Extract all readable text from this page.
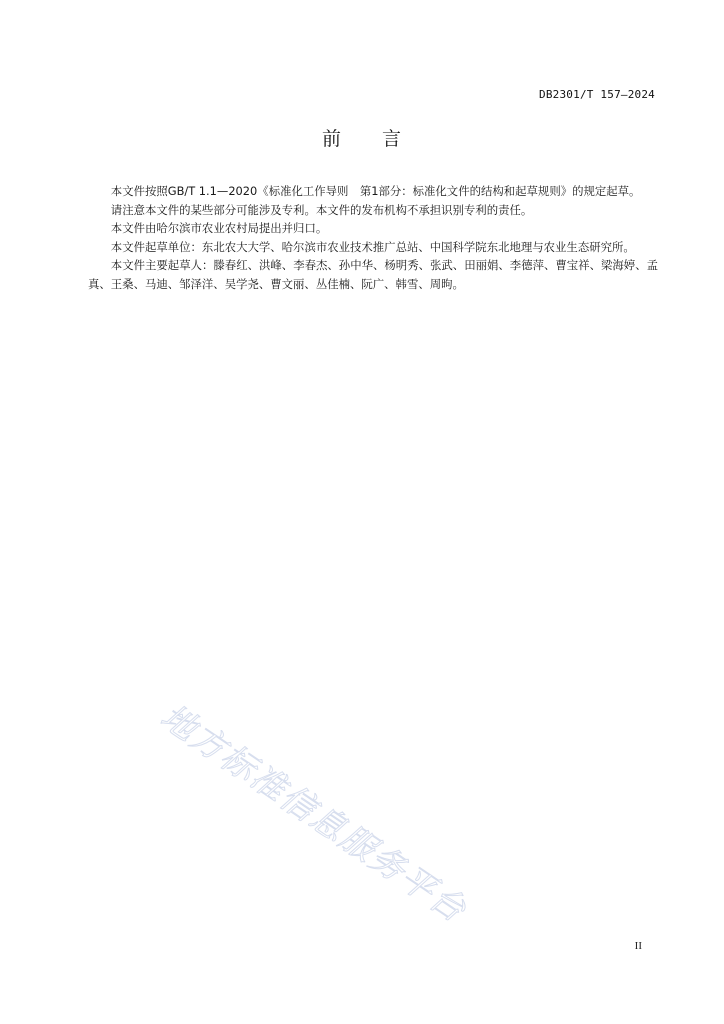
DB2301/T 157—2024
前 言

本文件按照GB/T 1.1—2020《标准化工作导则　第1部分：标准化文件的结构和起草规则》的规定起草。

请注意本文件的某些部分可能涉及专利。本文件的发布机构不承担识别专利的责任。

本文件由哈尔滨市农业农村局提出并归口。

本文件起草单位：东北农大大学、哈尔滨市农业技术推广总站、中国科学院东北地理与农业生态研究所。

本文件主要起草人：滕春红、洪峰、李春杰、孙中华、杨明秀、张武、田丽娟、李德萍、曹宝祥、梁海婷、孟真、王桑、马迪、邹泽洋、吴学尧、曹文丽、丛佳楠、阮广、韩雪、周昫。

地方标准信息服务平台
II
